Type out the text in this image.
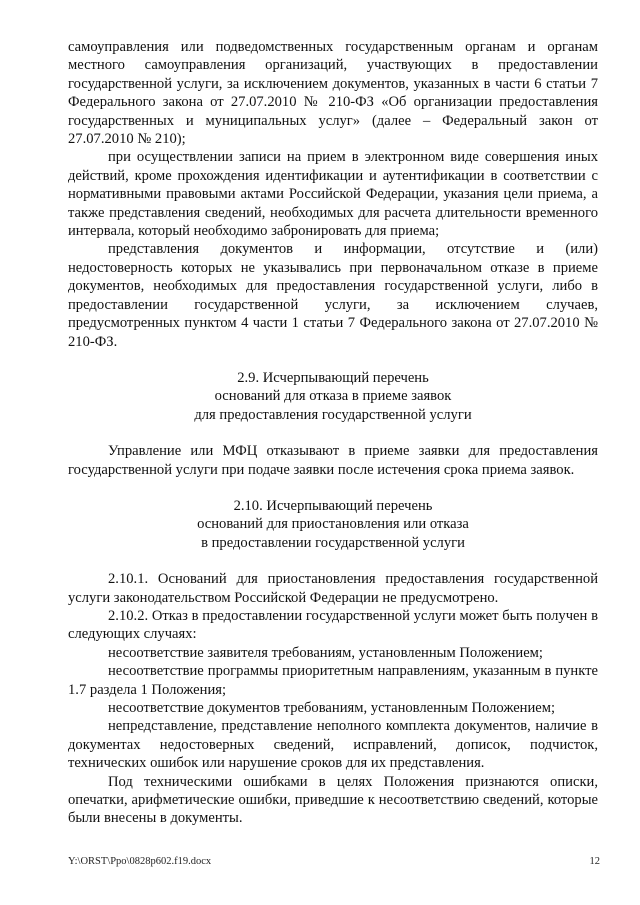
самоуправления или подведомственных государственным органам и органам местного самоуправления организаций, участвующих в предоставлении государственной услуги, за исключением документов, указанных в части 6 статьи 7 Федерального закона от 27.07.2010 № 210-ФЗ «Об организации предоставления государственных и муниципальных услуг» (далее – Федеральный закон от 27.07.2010 № 210);

при осуществлении записи на прием в электронном виде совершения иных действий, кроме прохождения идентификации и аутентификации в соответствии с нормативными правовыми актами Российской Федерации, указания цели приема, а также представления сведений, необходимых для расчета длительности временного интервала, который необходимо забронировать для приема;

представления документов и информации, отсутствие и (или) недостоверность которых не указывались при первоначальном отказе в приеме документов, необходимых для предоставления государственной услуги, либо в предоставлении государственной услуги, за исключением случаев, предусмотренных пунктом 4 части 1 статьи 7 Федерального закона от 27.07.2010 № 210-ФЗ.

2.9. Исчерпывающий перечень

оснований для отказа в приеме заявок

для предоставления государственной услуги

Управление или МФЦ отказывают в приеме заявки для предоставления государственной услуги при подаче заявки после истечения срока приема заявок.

2.10. Исчерпывающий перечень

оснований для приостановления или отказа

в предоставлении государственной услуги

2.10.1. Оснований для приостановления предоставления государственной услуги законодательством Российской Федерации не предусмотрено.

2.10.2. Отказ в предоставлении государственной услуги может быть получен в следующих случаях:

несоответствие заявителя требованиям, установленным Положением;

несоответствие программы приоритетным направлениям, указанным в пункте 1.7 раздела 1 Положения;

несоответствие документов требованиям, установленным Положением;

непредставление, представление неполного комплекта документов, наличие в документах недостоверных сведений, исправлений, дописок, подчисток, технических ошибок или нарушение сроков для их представления.

Под техническими ошибками в целях Положения признаются описки, опечатки, арифметические ошибки, приведшие к несоответствию сведений, которые были внесены в документы.

Y:\ORST\Ppo\0828p602.f19.docx	12
